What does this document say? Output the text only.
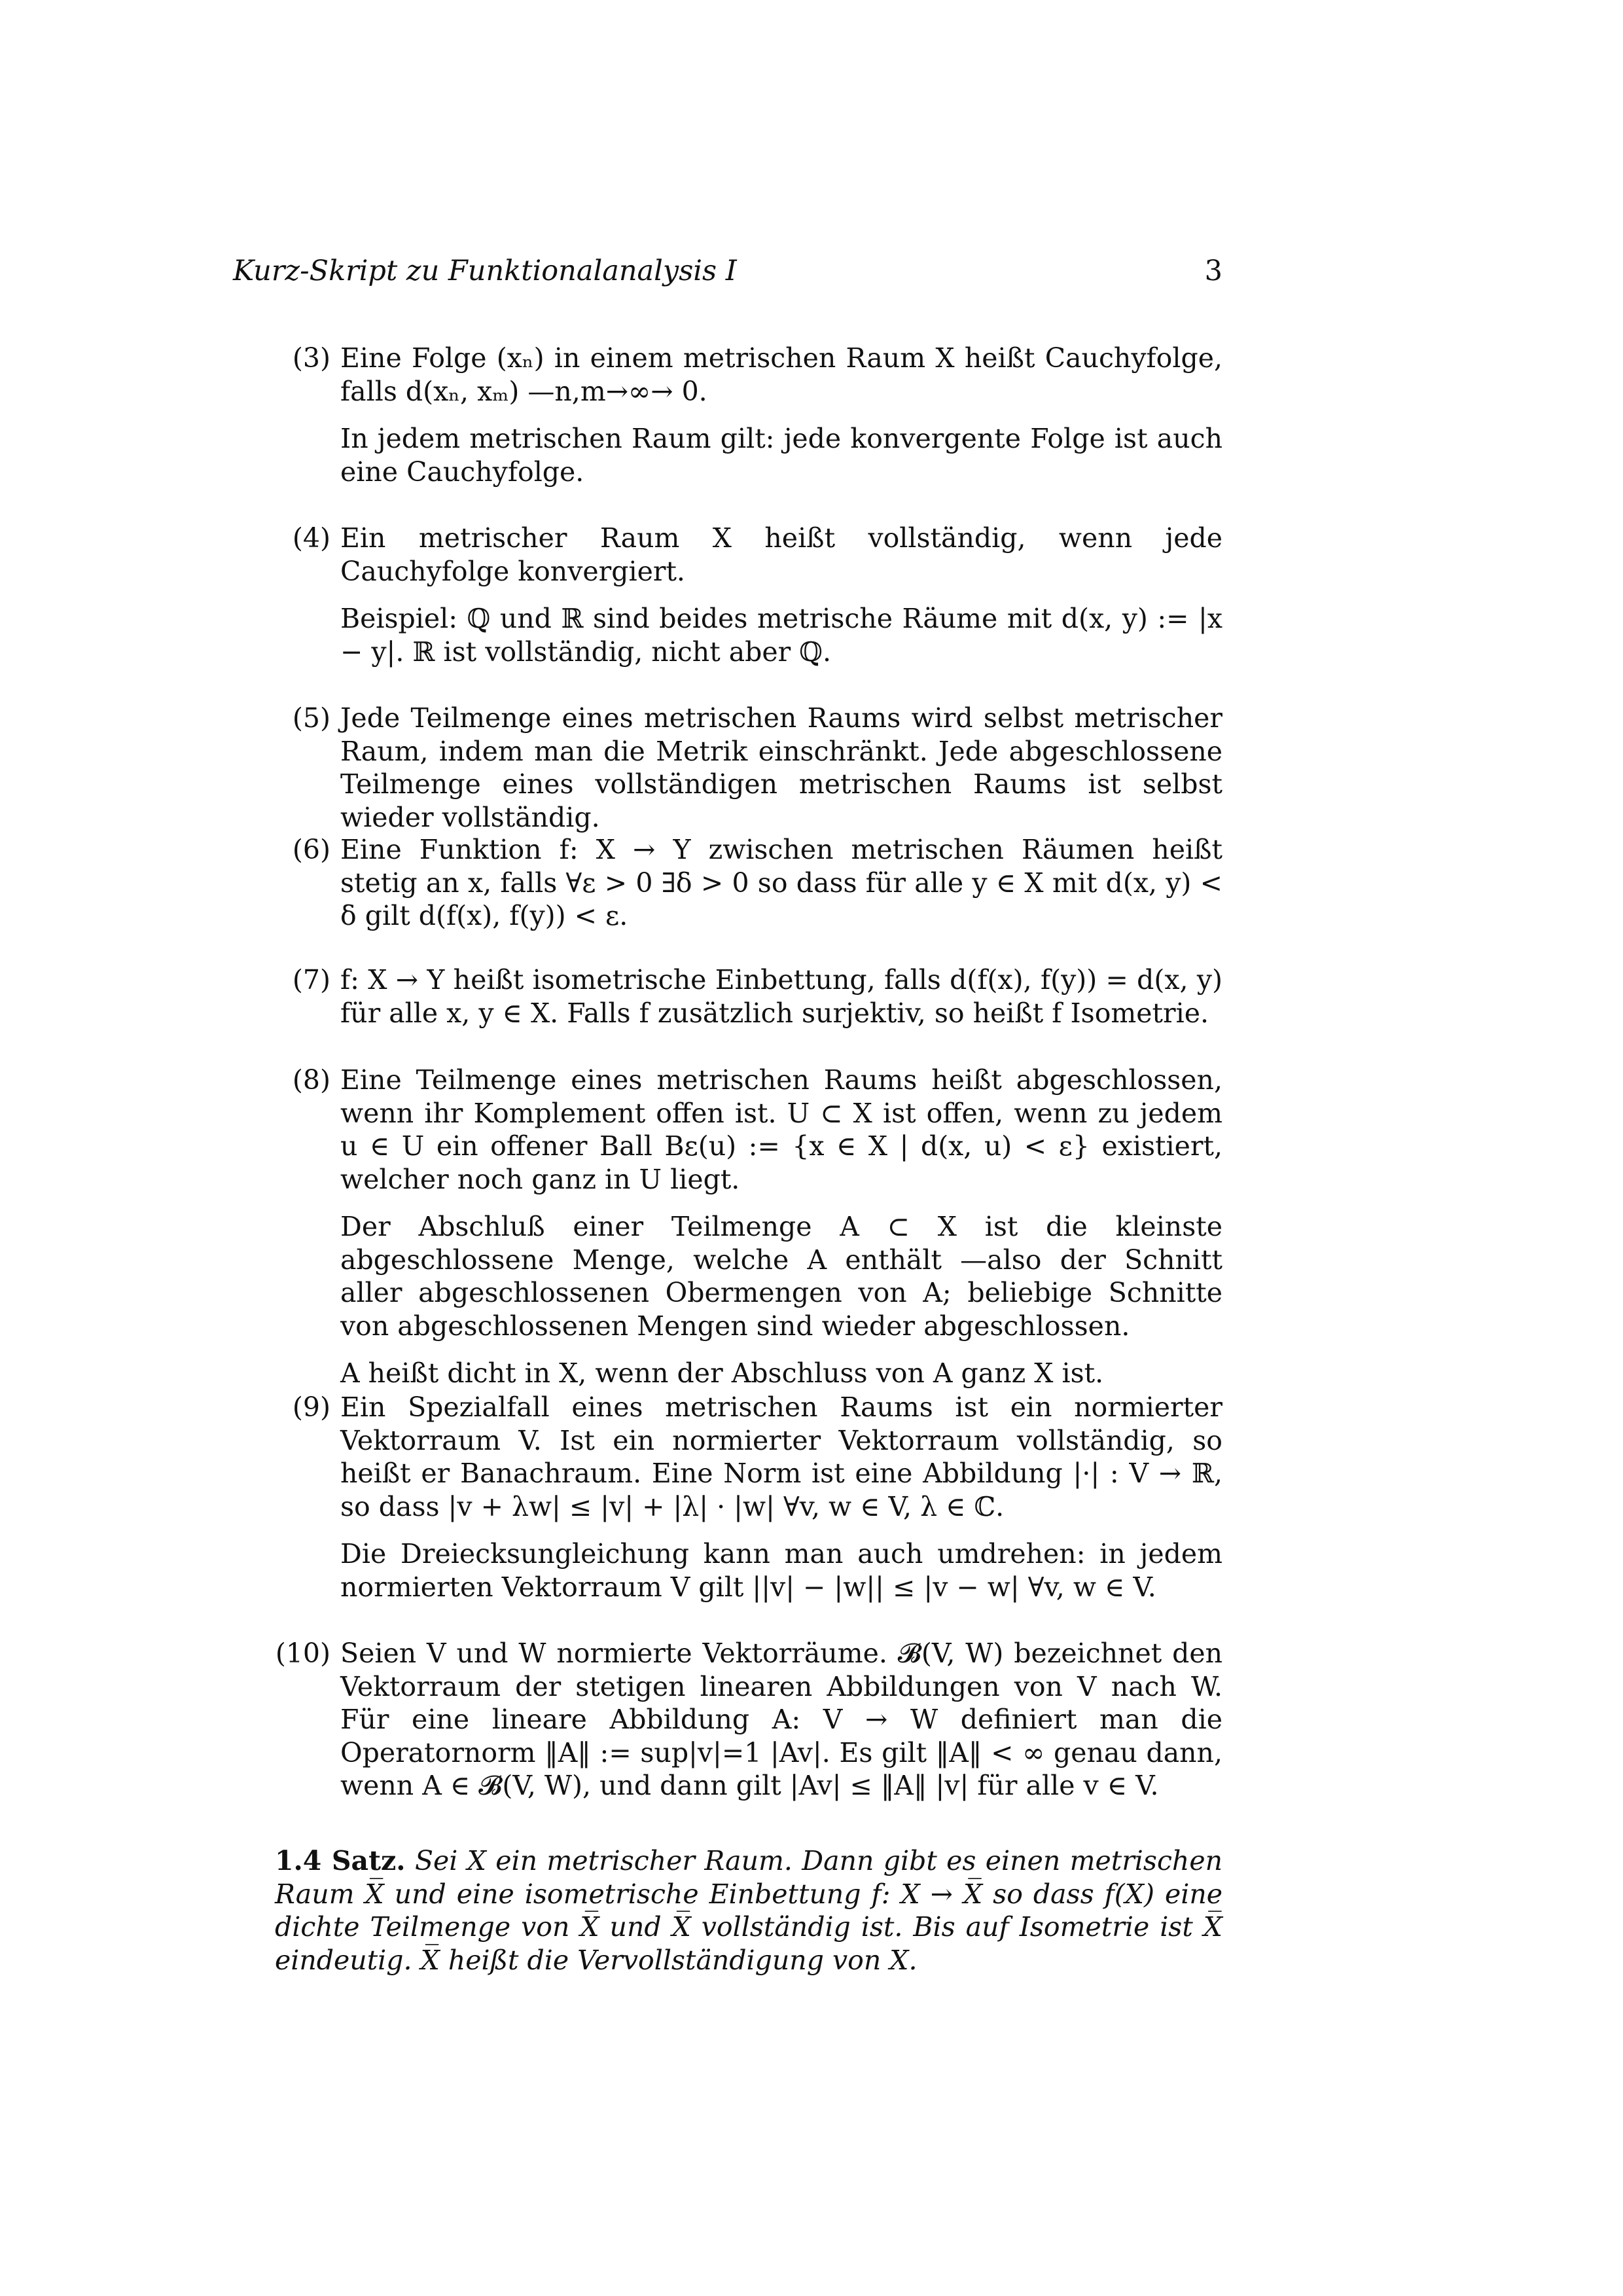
Kurz-Skript zu Funktionalanalysis I	3
(3) Eine Folge (xₙ) in einem metrischen Raum X heißt Cauchyfolge, falls d(xₙ, xₘ) —n,m→∞→ 0.

In jedem metrischen Raum gilt: jede konvergente Folge ist auch eine Cauchyfolge.

(4) Ein metrischer Raum X heißt vollständig, wenn jede Cauchyfolge konvergiert.

Beispiel: ℚ und ℝ sind beides metrische Räume mit d(x, y) := |x − y|. ℝ ist vollständig, nicht aber ℚ.

(5) Jede Teilmenge eines metrischen Raums wird selbst metrischer Raum, indem man die Metrik einschränkt. Jede abgeschlossene Teilmenge eines vollständigen metrischen Raums ist selbst wieder vollständig.

(6) Eine Funktion f: X → Y zwischen metrischen Räumen heißt stetig an x, falls ∀ε > 0 ∃δ > 0 so dass für alle y ∈ X mit d(x, y) < δ gilt d(f(x), f(y)) < ε.

(7) f: X → Y heißt isometrische Einbettung, falls d(f(x), f(y)) = d(x, y) für alle x, y ∈ X. Falls f zusätzlich surjektiv, so heißt f Isometrie.

(8) Eine Teilmenge eines metrischen Raums heißt abgeschlossen, wenn ihr Komplement offen ist. U ⊂ X ist offen, wenn zu jedem u ∈ U ein offener Ball Bε(u) := {x ∈ X | d(x, u) < ε} existiert, welcher noch ganz in U liegt.

Der Abschluß einer Teilmenge A ⊂ X ist die kleinste abgeschlossene Menge, welche A enthält —also der Schnitt aller abgeschlossenen Obermengen von A; beliebige Schnitte von abgeschlossenen Mengen sind wieder abgeschlossen.

A heißt dicht in X, wenn der Abschluss von A ganz X ist.

(9) Ein Spezialfall eines metrischen Raums ist ein normierter Vektorraum V. Ist ein normierter Vektorraum vollständig, so heißt er Banachraum. Eine Norm ist eine Abbildung |·| : V → ℝ, so dass |v + λw| ≤ |v| + |λ| · |w| ∀v, w ∈ V, λ ∈ ℂ.

Die Dreiecksungleichung kann man auch umdrehen: in jedem normierten Vektorraum V gilt ||v| − |w|| ≤ |v − w| ∀v, w ∈ V.

(10) Seien V und W normierte Vektorräume. 𝓑(V, W) bezeichnet den Vektorraum der stetigen linearen Abbildungen von V nach W. Für eine lineare Abbildung A: V → W definiert man die Operatornorm ‖A‖ := sup|v|=1 |Av|. Es gilt ‖A‖ < ∞ genau dann, wenn A ∈ 𝓑(V, W), und dann gilt |Av| ≤ ‖A‖ |v| für alle v ∈ V.

1.4 Satz. Sei X ein metrischer Raum. Dann gibt es einen metrischen Raum X̅ und eine isometrische Einbettung f: X → X̅ so dass f(X) eine dichte Teilmenge von X̅ und X̅ vollständig ist. Bis auf Isometrie ist X̅ eindeutig. X̅ heißt die Vervollständigung von X.
